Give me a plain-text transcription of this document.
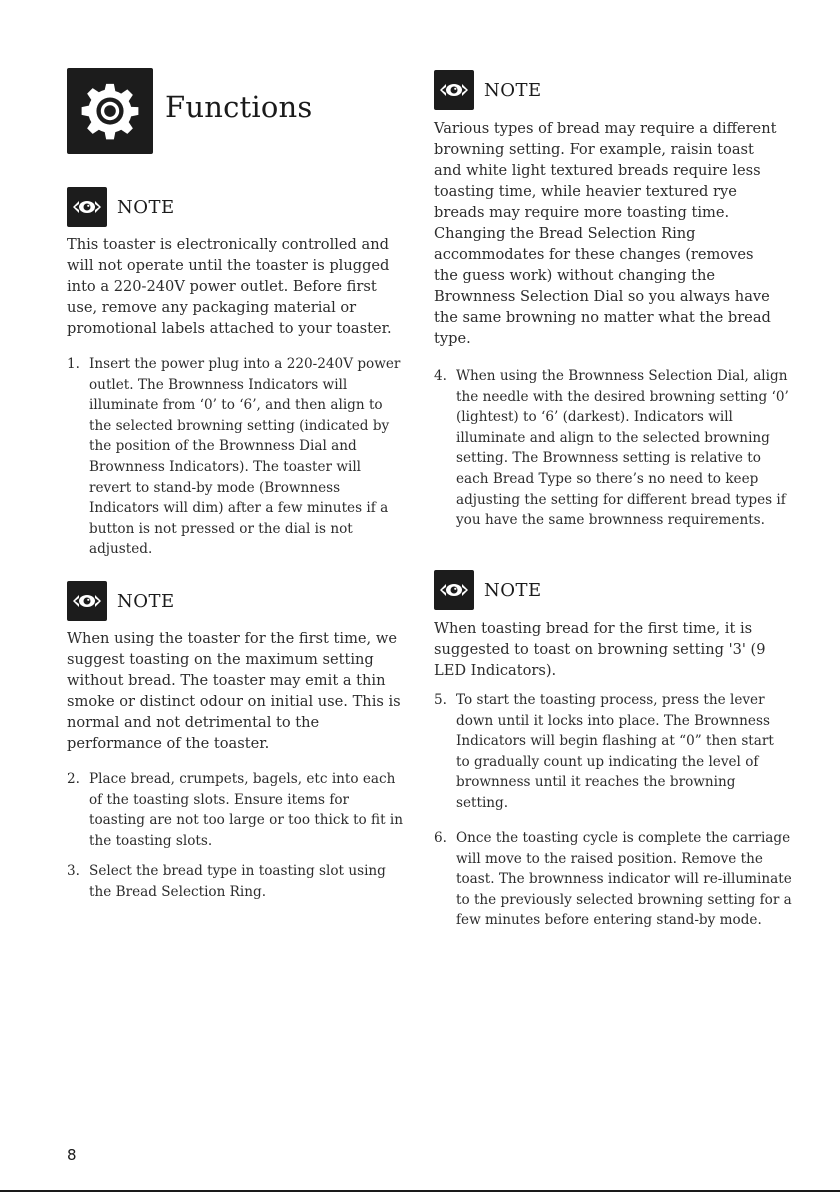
Functions
NOTE
This toaster is electronically controlled and will not operate until the toaster is plugged into a 220-240V power outlet. Before first use, remove any packaging material or promotional labels attached to your toaster.
1. Insert the power plug into a 220-240V power outlet. The Brownness Indicators will illuminate from ‘0’ to ‘6’, and then align to the selected browning setting (indicated by the position of the Brownness Dial and Brownness Indicators). The toaster will revert to stand-by mode (Brownness Indicators will dim) after a few minutes if a button is not pressed or the dial is not adjusted.
NOTE
When using the toaster for the first time, we suggest toasting on the maximum setting without bread. The toaster may emit a thin smoke or distinct odour on initial use. This is normal and not detrimental to the performance of the toaster.
2. Place bread, crumpets, bagels, etc into each of the toasting slots. Ensure items for toasting are not too large or too thick to fit in the toasting slots.
3. Select the bread type in toasting slot using the Bread Selection Ring.
NOTE
Various types of bread may require a different browning setting. For example, raisin toast and white light textured breads require less toasting time, while heavier textured rye breads may require more toasting time. Changing the Bread Selection Ring accommodates for these changes (removes the guess work) without changing the Brownness Selection Dial so you always have the same browning no matter what the bread type.
4. When using the Brownness Selection Dial, align the needle with the desired browning setting ‘0’ (lightest) to ‘6’ (darkest). Indicators will illuminate and align to the selected browning setting. The Brownness setting is relative to each Bread Type so there’s no need to keep adjusting the setting for different bread types if you have the same brownness requirements.
NOTE
When toasting bread for the first time, it is suggested to toast on browning setting '3' (9 LED Indicators).
5. To start the toasting process, press the lever down until it locks into place. The Brownness Indicators will begin flashing at “0” then start to gradually count up indicating the level of brownness until it reaches the browning setting.
6. Once the toasting cycle is complete the carriage will move to the raised position. Remove the toast. The brownness indicator will re-illuminate to the previously selected browning setting for a few minutes before entering stand-by mode.
8
